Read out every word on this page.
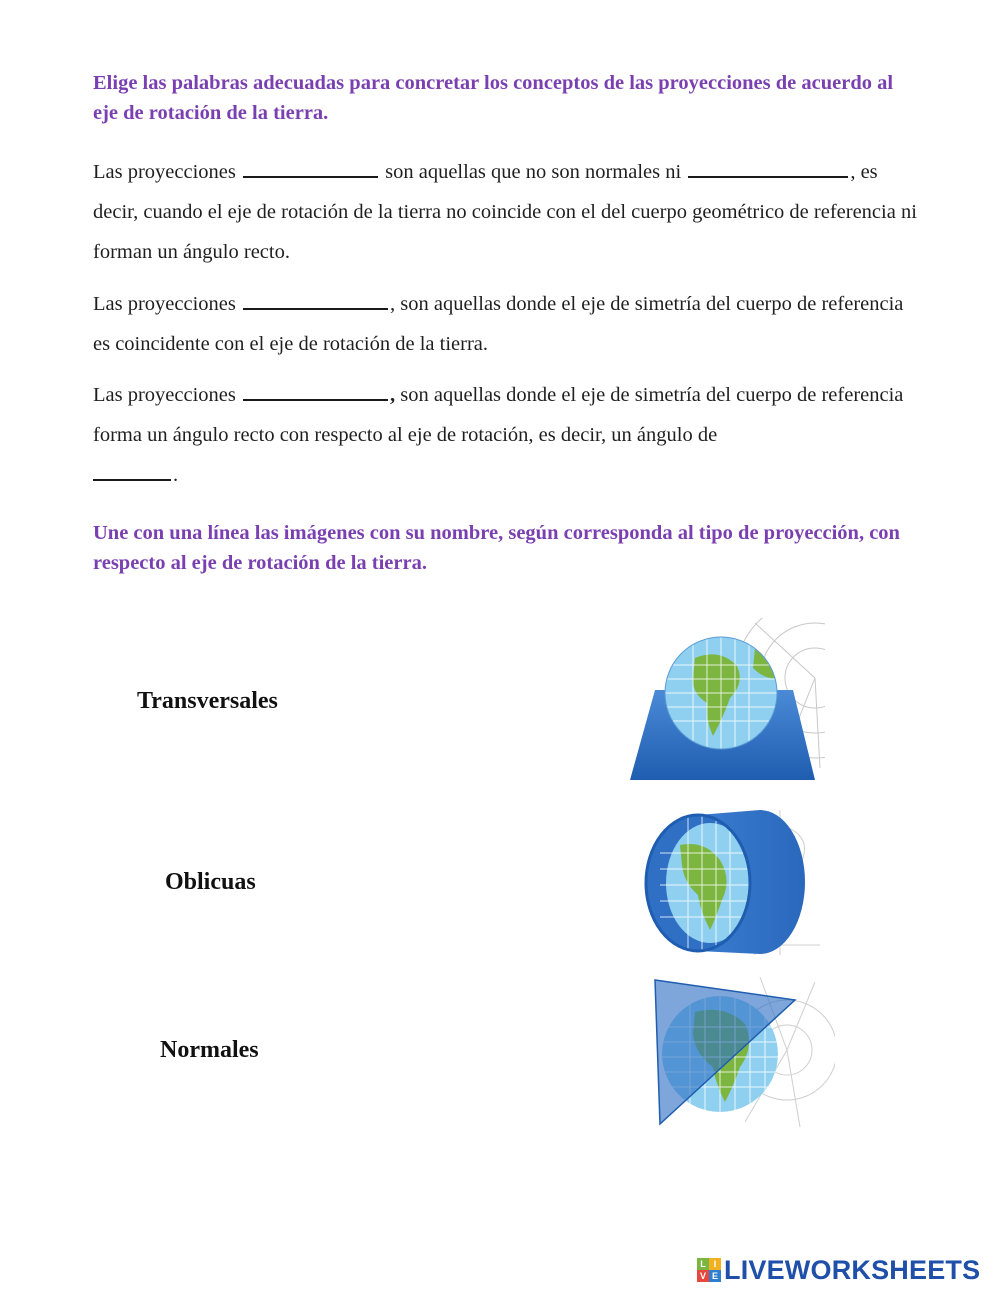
Elige las palabras adecuadas para concretar los conceptos de las proyecciones de acuerdo al eje de rotación de la tierra.
Las proyecciones	son aquellas que no son normales ni	, es decir, cuando el eje de rotación de la tierra no coincide con el del cuerpo geométrico de referencia ni forman un ángulo recto.
Las proyecciones	, son aquellas donde el eje de simetría del cuerpo de referencia es coincidente con el eje de rotación de la tierra.
Las proyecciones	, son aquellas donde el eje de simetría del cuerpo de referencia forma un ángulo recto con respecto al eje de rotación, es decir, un ángulo de
.
Une con una línea las imágenes con su nombre, según corresponda al tipo de proyección, con respecto al eje de rotación de la tierra.
Transversales
Oblicuas
Normales
L I
V E LIVEWORKSHEETS
